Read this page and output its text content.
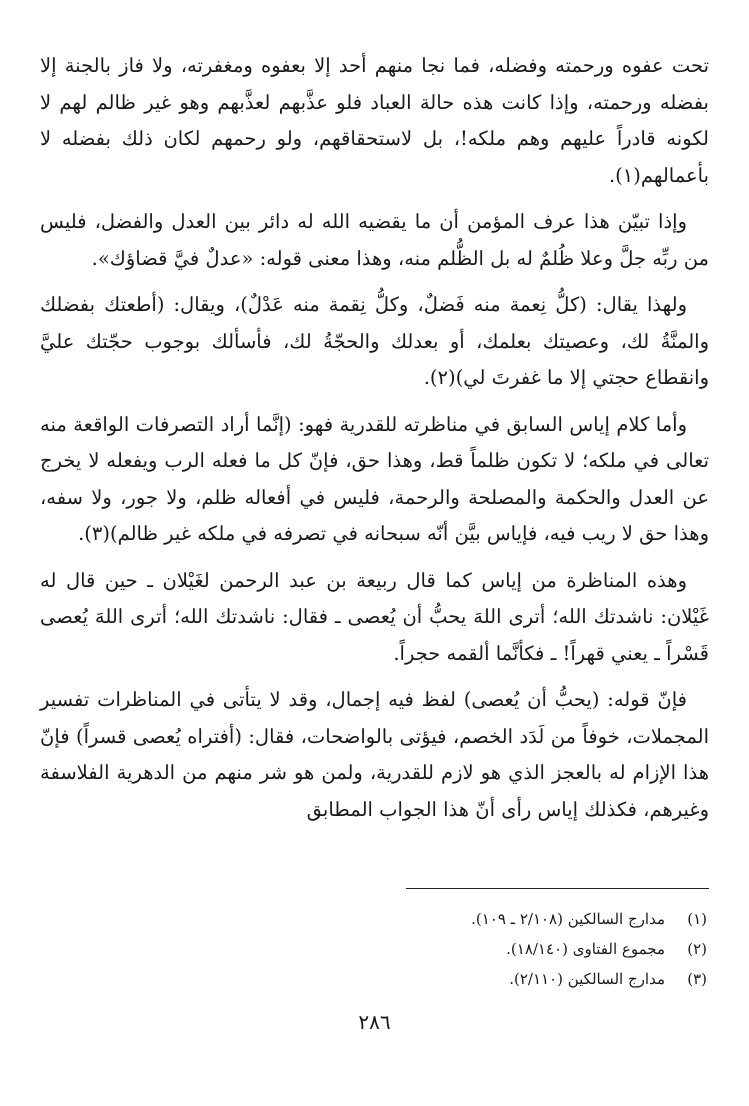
تحت عفوه ورحمته وفضله، فما نجا منهم أحد إلا بعفوه ومغفرته، ولا فاز بالجنة إلا بفضله ورحمته، وإذا كانت هذه حالة العباد فلو عذَّبهم لعذَّبهم وهو غير ظالم لهم لا لكونه قادراً عليهم وهم ملكه!، بل لاستحقاقهم، ولو رحمهم لكان ذلك بفضله لا بأعمالهم(١).

وإذا تبيّن هذا عرف المؤمن أن ما يقضيه الله له دائر بين العدل والفضل، فليس من ربِّه جلَّ وعلا ظُلمٌ له بل الظُّلم منه، وهذا معنى قوله: «عدلٌ فيَّ قضاؤك».

ولهذا يقال: (كلُّ نِعمة منه فَضلٌ، وكلُّ نِقمة منه عَدْلٌ)، ويقال: (أطعتك بفضلك والمنَّةُ لك، وعصيتك بعلمك، أو بعدلك والحجّةُ لك، فأسألك بوجوب حجّتك عليَّ وانقطاع حجتي إلا ما غفرتَ لي)(٢).

وأما كلام إياس السابق في مناظرته للقدرية فهو: (إنَّما أراد التصرفات الواقعة منه تعالى في ملكه؛ لا تكون ظلماً قط، وهذا حق، فإنّ كل ما فعله الرب ويفعله لا يخرج عن العدل والحكمة والمصلحة والرحمة، فليس في أفعاله ظلم، ولا جور، ولا سفه، وهذا حق لا ريب فيه، فإياس بيَّن أنّه سبحانه في تصرفه في ملكه غير ظالم)(٣).

وهذه المناظرة من إياس كما قال ربيعة بن عبد الرحمن لغَيْلان ـ حين قال له غَيْلان: ناشدتك الله؛ أترى اللهَ يحبُّ أن يُعصى ـ فقال: ناشدتك الله؛ أترى اللهَ يُعصى قَسْراً ـ يعني قهراً! ـ فكأنَّما ألقمه حجراً.

فإنّ قوله: (يحبُّ أن يُعصى) لفظ فيه إجمال، وقد لا يتأتى في المناظرات تفسير المجملات، خوفاً من لَدَد الخصم، فيؤتى بالواضحات، فقال: (أفتراه يُعصى قسراً) فإنّ هذا الإزام له بالعجز الذي هو لازم للقدرية، ولمن هو شر منهم من الدهرية الفلاسفة وغيرهم، فكذلك إياس رأى أنّ هذا الجواب المطابق

(١)
مدارج السالكين (٢/١٠٨ ـ ١٠٩).
(٢)
مجموع الفتاوى (١٨/١٤٠).
(٣)
مدارج السالكين (٢/١١٠).
٢٨٦
